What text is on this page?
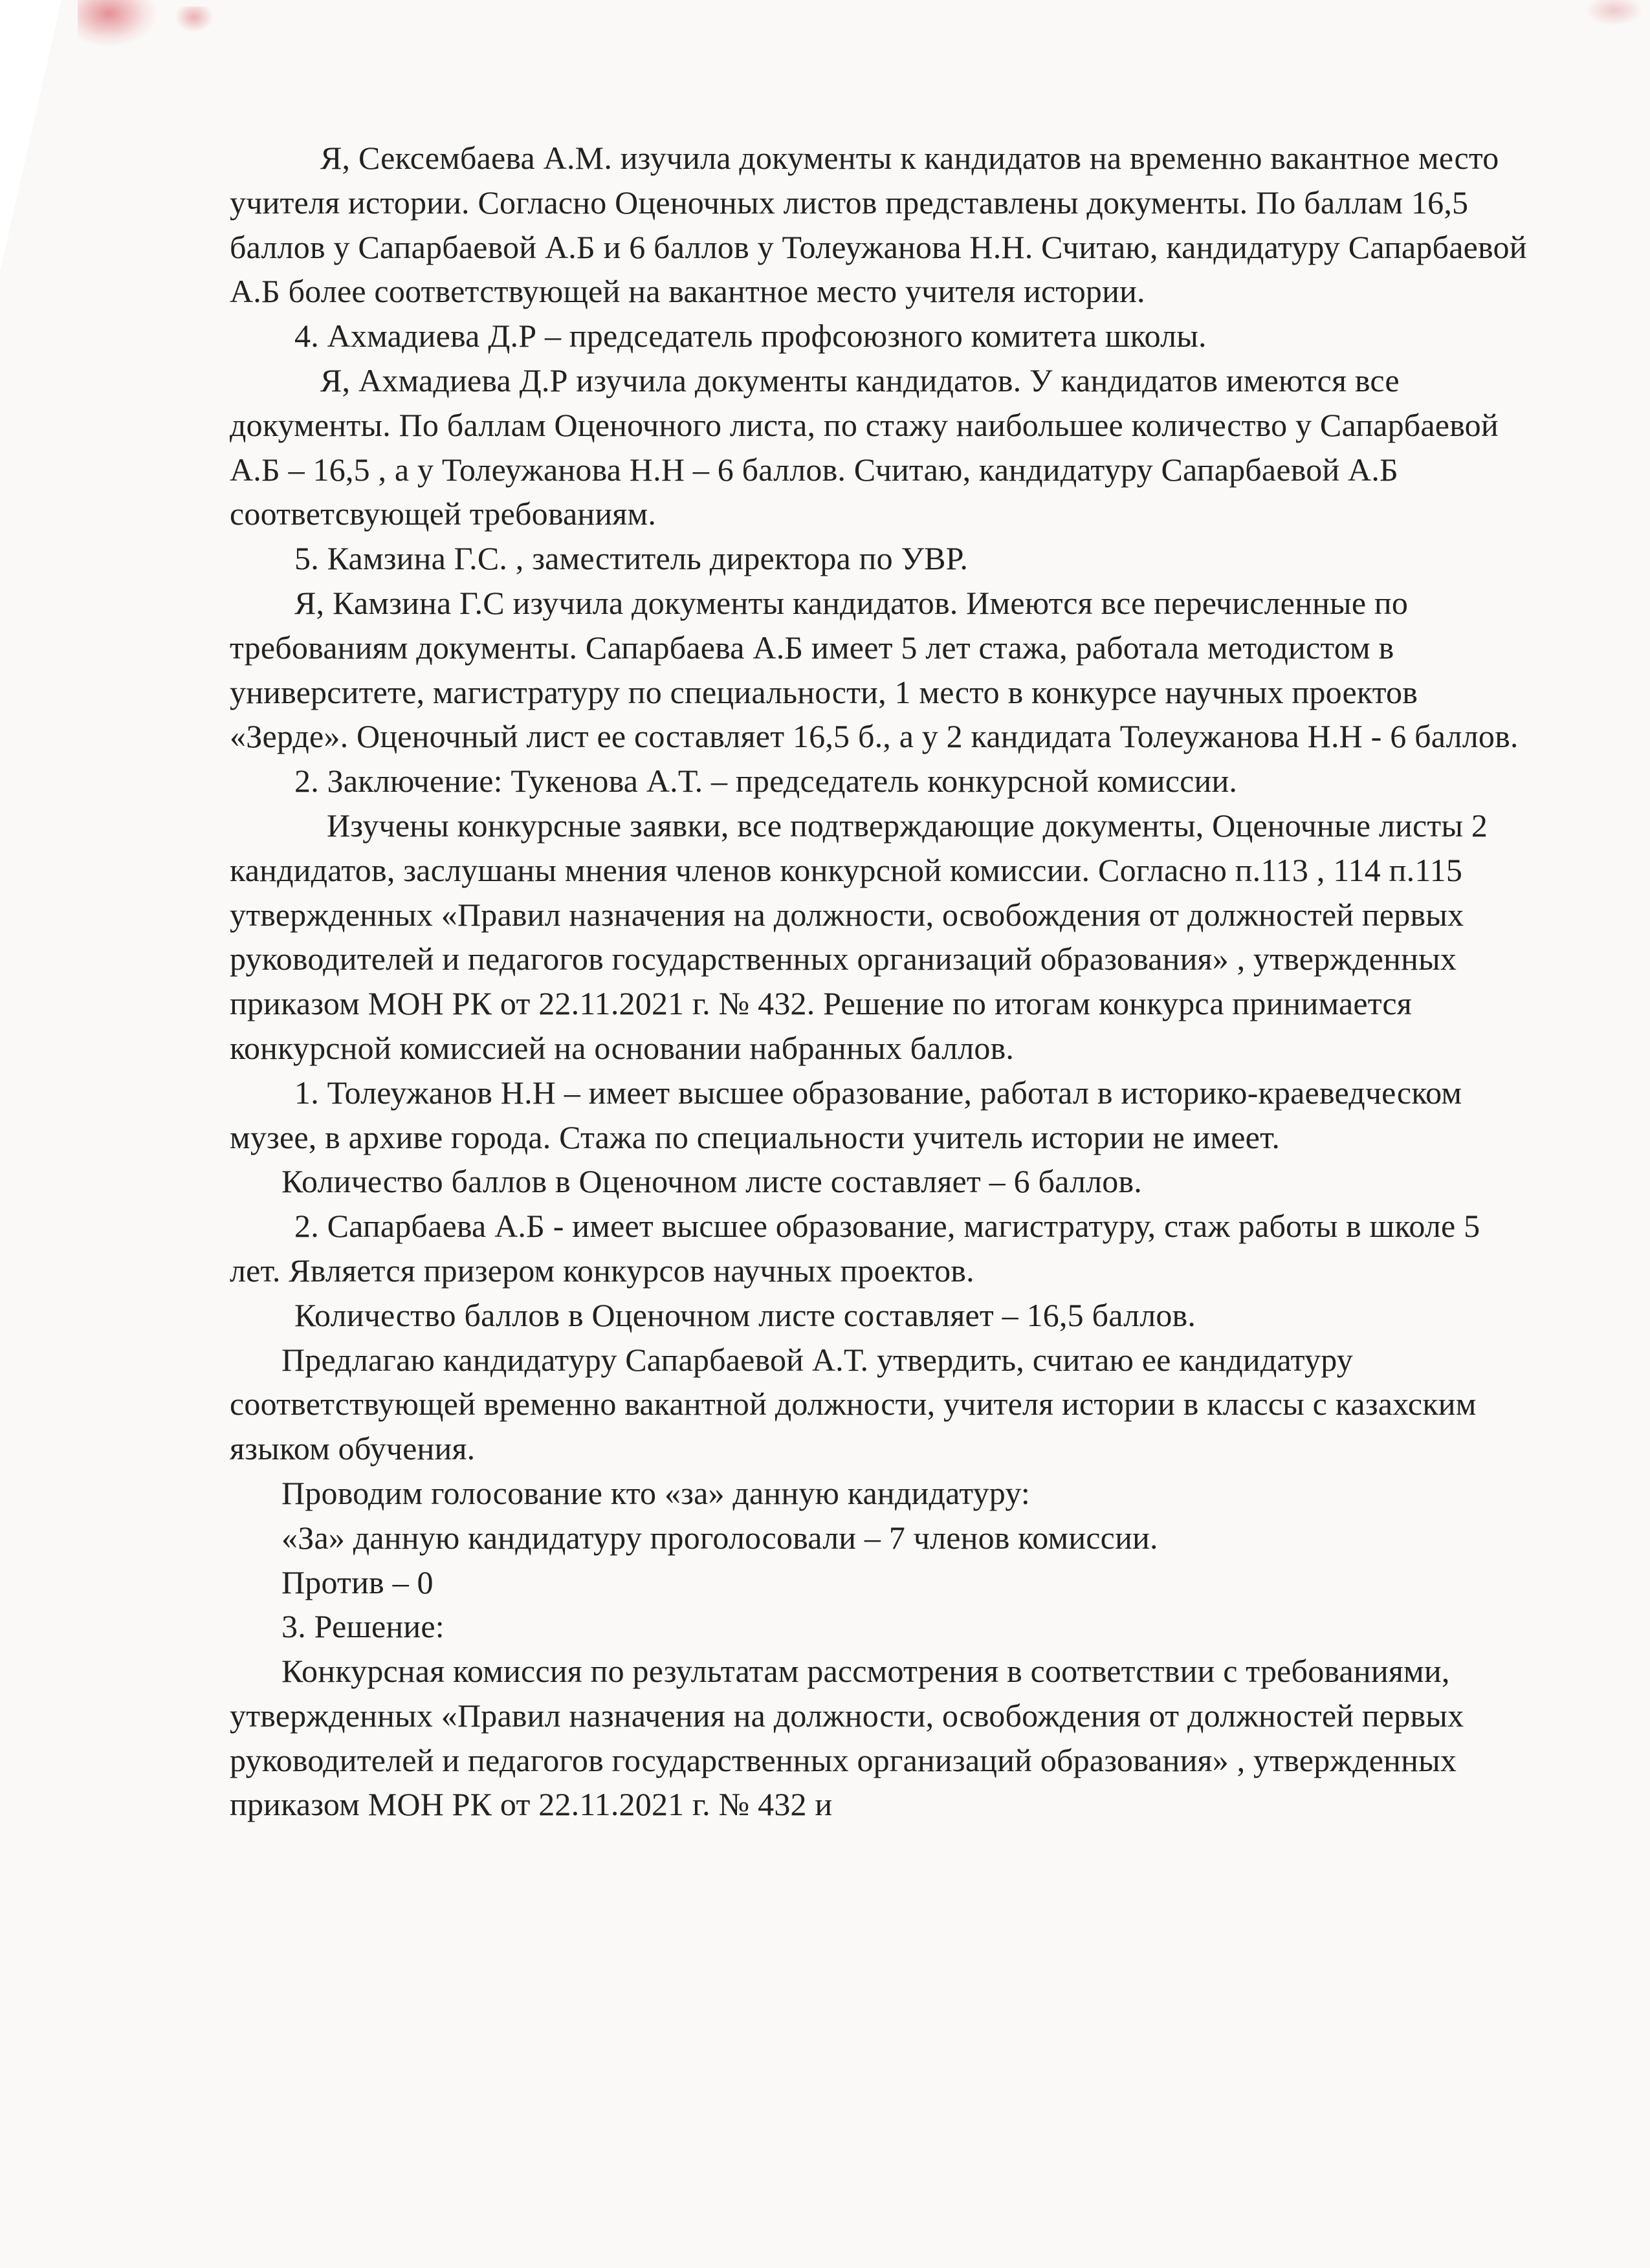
Я, Сексембаева А.М. изучила документы к кандидатов на временно вакантное место учителя истории. Согласно Оценочных листов представлены документы. По баллам 16,5 баллов у Сапарбаевой А.Б и 6 баллов у Толеужанова Н.Н. Считаю, кандидатуру Сапарбаевой А.Б более соответствующей на вакантное место учителя истории.

4. Ахмадиева Д.Р – председатель профсоюзного комитета школы.

Я, Ахмадиева Д.Р изучила документы кандидатов. У кандидатов имеются все документы. По баллам Оценочного листа, по стажу наибольшее количество у Сапарбаевой А.Б – 16,5 , а у Толеужанова Н.Н – 6 баллов. Считаю, кандидатуру Сапарбаевой А.Б соответсвующей требованиям.

5. Камзина Г.С. , заместитель директора по УВР.

Я, Камзина Г.С изучила документы кандидатов. Имеются все перечисленные по требованиям документы. Сапарбаева А.Б имеет 5 лет стажа, работала методистом в университете, магистратуру по специальности, 1 место в конкурсе научных проектов «Зерде». Оценочный лист ее составляет 16,5 б., а у 2 кандидата Толеужанова Н.Н - 6 баллов.

2. Заключение: Тукенова А.Т. – председатель конкурсной комиссии.

Изучены конкурсные заявки, все подтверждающие документы, Оценочные листы 2 кандидатов, заслушаны мнения членов конкурсной комиссии. Согласно п.113 , 114 п.115 утвержденных «Правил назначения на должности, освобождения от должностей первых руководителей и педагогов государственных организаций образования» , утвержденных приказом МОН РК от 22.11.2021 г. № 432. Решение по итогам конкурса принимается конкурсной комиссией на основании набранных баллов.

1. Толеужанов Н.Н – имеет высшее образование, работал в историко-краеведческом музее, в архиве города. Стажа по специальности учитель истории не имеет.

Количество баллов в Оценочном листе составляет – 6 баллов.

2. Сапарбаева А.Б - имеет высшее образование, магистратуру, стаж работы в школе 5 лет. Является призером конкурсов научных проектов.

Количество баллов в Оценочном листе составляет – 16,5 баллов.

Предлагаю кандидатуру Сапарбаевой А.Т. утвердить, считаю ее кандидатуру соответствующей временно вакантной должности, учителя истории в классы с казахским языком обучения.

Проводим голосование кто «за» данную кандидатуру:

«За» данную кандидатуру проголосовали – 7 членов комиссии.

Против – 0

3. Решение:

Конкурсная комиссия по результатам рассмотрения в соответствии с требованиями, утвержденных «Правил назначения на должности, освобождения от должностей первых руководителей и педагогов государственных организаций образования» , утвержденных приказом МОН РК от 22.11.2021 г. № 432 и
